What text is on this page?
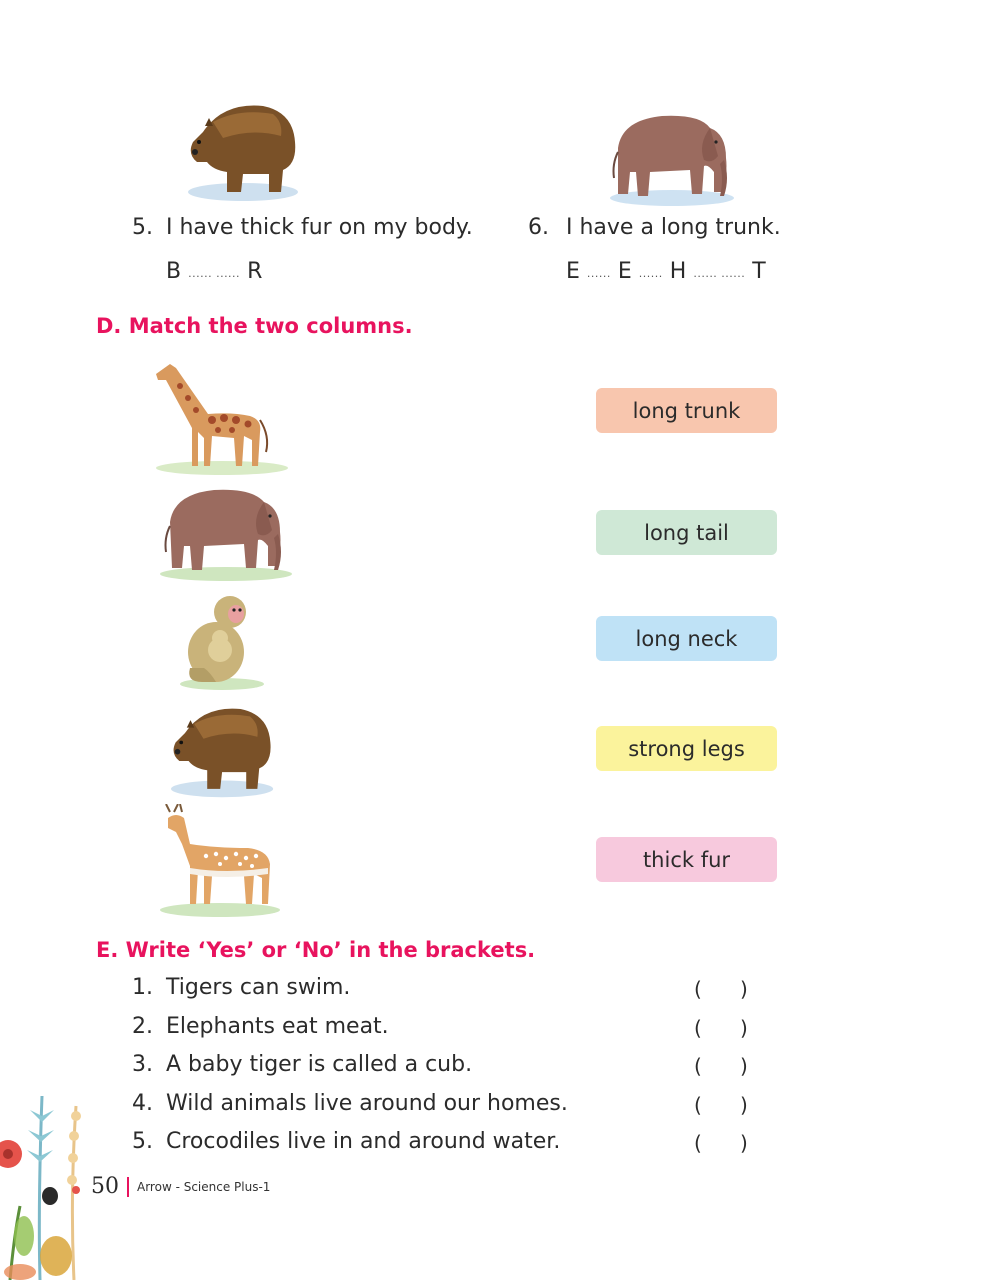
5. I have thick fur on my body.
B ...... ...... R
6. I have a long trunk.
E ...... E ...... H ...... ...... T
D. Match the two columns.
long trunk
long tail
long neck
strong legs
thick fur
E. Write ‘Yes’ or ‘No’ in the brackets.
1. Tigers can swim.	(      )
2. Elephants eat meat.	(      )
3. A baby tiger is called a cub.	(      )
4. Wild animals live around our homes.	(      )
5. Crocodiles live in and around water.	(      )
50 Arrow - Science Plus-1
